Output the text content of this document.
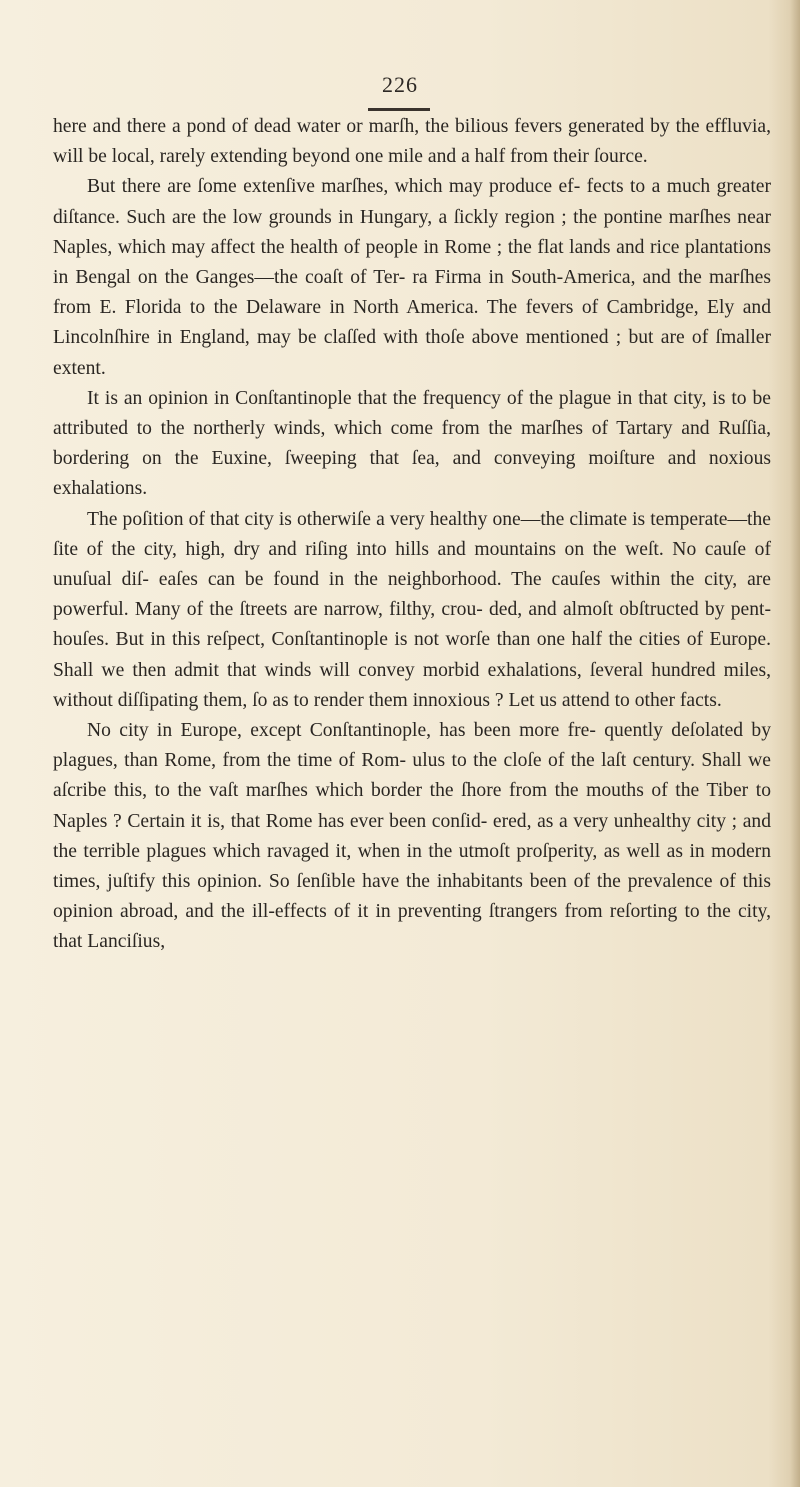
226

here and there a pond of dead water or marſh, the bilious fevers generated by the effluvia, will be local, rarely extending beyond one mile and a half from their ſource.

But there are ſome extenſive marſhes, which may produce ef- fects to a much greater diſtance. Such are the low grounds in Hungary, a ſickly region ; the pontine marſhes near Naples, which may affect the health of people in Rome ; the flat lands and rice plantations in Bengal on the Ganges—the coaſt of Ter- ra Firma in South-America, and the marſhes from E. Florida to the Delaware in North America. The fevers of Cambridge, Ely and Lincolnſhire in England, may be claſſed with thoſe above mentioned ; but are of ſmaller extent.

It is an opinion in Conſtantinople that the frequency of the plague in that city, is to be attributed to the northerly winds, which come from the marſhes of Tartary and Ruſſia, bordering on the Euxine, ſweeping that ſea, and conveying moiſture and noxious exhalations.

The poſition of that city is otherwiſe a very healthy one—the climate is temperate—the ſite of the city, high, dry and riſing into hills and mountains on the weſt. No cauſe of unuſual diſ- eaſes can be found in the neighborhood. The cauſes within the city, are powerful. Many of the ſtreets are narrow, filthy, crou- ded, and almoſt obſtructed by pent-houſes. But in this reſpect, Conſtantinople is not worſe than one half the cities of Europe. Shall we then admit that winds will convey morbid exhalations, ſeveral hundred miles, without diſſipating them, ſo as to render them innoxious ? Let us attend to other facts.

No city in Europe, except Conſtantinople, has been more fre- quently deſolated by plagues, than Rome, from the time of Rom- ulus to the cloſe of the laſt century. Shall we aſcribe this, to the vaſt marſhes which border the ſhore from the mouths of the Tiber to Naples ? Certain it is, that Rome has ever been conſid- ered, as a very unhealthy city ; and the terrible plagues which ravaged it, when in the utmoſt proſperity, as well as in modern times, juſtify this opinion. So ſenſible have the inhabitants been of the prevalence of this opinion abroad, and the ill-effects of it in preventing ſtrangers from reſorting to the city, that Lanciſius,
